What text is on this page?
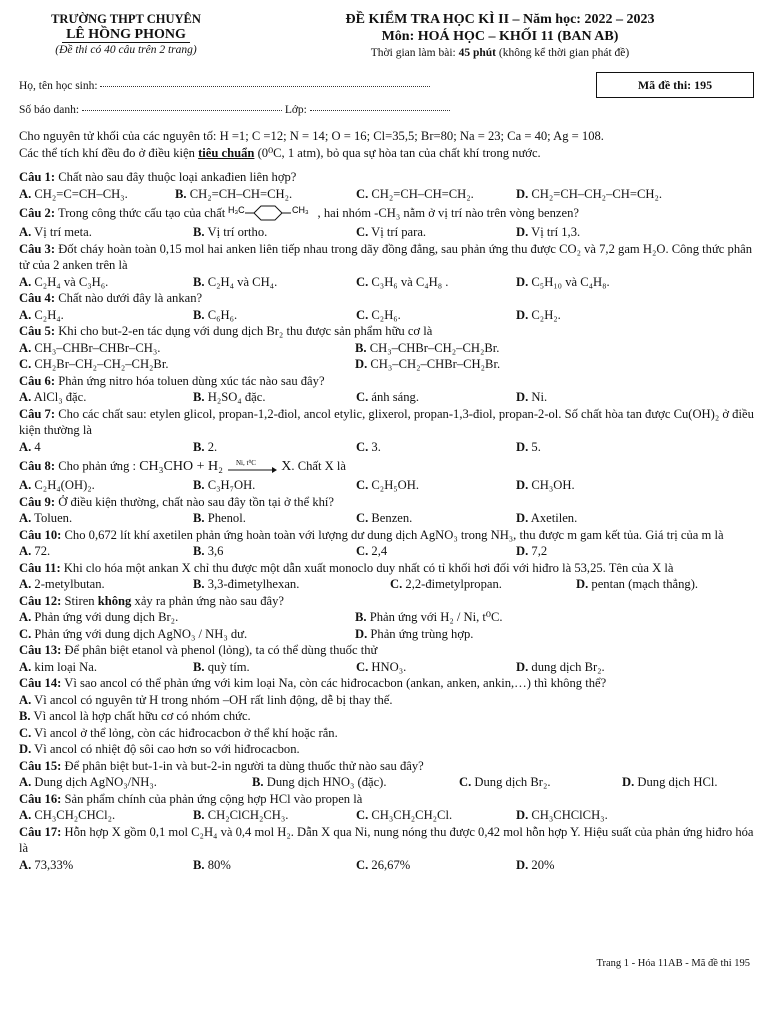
TRƯỜNG THPT CHUYÊN
LÊ HỒNG PHONG
(Đề thi có 40 câu trên 2 trang)
ĐỀ KIỂM TRA HỌC KÌ II – Năm học: 2022 – 2023
Môn: HOÁ HỌC – KHỐI 11 (BAN AB)
Thời gian làm bài: 45 phút (không kể thời gian phát đề)
Mã đề thi: 195
Họ, tên học sinh:
Số báo danh:	Lớp:
Cho nguyên tử khối của các nguyên tố: H =1; C =12; N = 14; O = 16; Cl=35,5; Br=80; Na = 23; Ca = 40; Ag = 108.
Các thể tích khí đều đo ở điều kiện tiêu chuẩn (0⁰C, 1 atm), bỏ qua sự hòa tan của chất khí trong nước.
Câu 1: Chất nào sau đây thuộc loại ankađien liên hợp?
A. CH₂=C=CH–CH₃.	B. CH₂=CH–CH=CH₂.	C. CH₂=CH–CH=CH₂.	D. CH₂=CH–CH₂–CH=CH₂.
Câu 2: Trong công thức cấu tạo của chất H₃C	CH₃ , hai nhóm -CH₃ nằm ở vị trí nào trên vòng benzen?
A. Vị trí meta.	B. Vị trí ortho.	C. Vị trí para.	D. Vị trí 1,3.
Câu 3: Đốt cháy hoàn toàn 0,15 mol hai anken liên tiếp nhau trong dãy đồng đẳng, sau phản ứng thu được CO₂ và 7,2 gam H₂O. Công thức phân tử của 2 anken trên là
A. C₂H₄ và C₃H₆.	B. C₂H₄ và CH₄.	C. C₃H₆ và C₄H₈ .	D. C₅H₁₀ và C₄H₈.
Câu 4: Chất nào dưới đây là ankan?
A. C₂H₄.	B. C₆H₆.	C. C₂H₆.	D. C₂H₂.
Câu 5: Khi cho but-2-en tác dụng với dung dịch Br₂ thu được sản phẩm hữu cơ là
A. CH₃–CHBr–CHBr–CH₃.	B. CH₃–CHBr–CH₂–CH₂Br.
C. CH₂Br–CH₂–CH₂–CH₂Br.	D. CH₃–CH₂–CHBr–CH₂Br.
Câu 6: Phản ứng nitro hóa toluen dùng xúc tác nào sau đây?
A. AlCl₃ đặc.	B. H₂SO₄ đặc.	C. ánh sáng.	D. Ni.
Câu 7: Cho các chất sau: etylen glicol, propan-1,2-điol, ancol etylic, glixerol, propan-1,3-điol, propan-2-ol. Số chất hòa tan được Cu(OH)₂ ở điều kiện thường là
A. 4	B. 2.	C. 3.	D. 5.
Câu 8: Cho phản ứng : CH₃CHO + H₂ Ni, t⁰C X. Chất X là
A. C₂H₄(OH)₂.	B. C₃H₇OH.	C. C₂H₅OH.	D. CH₃OH.
Câu 9: Ở điều kiện thường, chất nào sau đây tồn tại ở thể khí?
A. Toluen.	B. Phenol.	C. Benzen.	D. Axetilen.
Câu 10: Cho 0,672 lít khí axetilen phản ứng hoàn toàn với lượng dư dung dịch AgNO₃ trong NH₃, thu được m gam kết tủa. Giá trị của m là
A. 72.	B. 3,6	C. 2,4	D. 7,2
Câu 11: Khi clo hóa một ankan X chỉ thu được một dẫn xuất monoclo duy nhất có tỉ khối hơi đối với hiđro là 53,25. Tên của X là
A. 2-metylbutan.	B. 3,3-đimetylhexan.	C. 2,2-đimetylpropan.	D. pentan (mạch thẳng).
Câu 12: Stiren không xảy ra phản ứng nào sau đây?
A. Phản ứng với dung dịch Br₂.	B. Phản ứng với H₂ / Ni, t⁰C.
C. Phản ứng với dung dịch AgNO₃ / NH₃ dư.	D. Phản ứng trùng hợp.
Câu 13: Để phân biệt etanol và phenol (lỏng), ta có thể dùng thuốc thử
A. kim loại Na.	B. quỳ tím.	C. HNO₃.	D. dung dịch Br₂.
Câu 14: Vì sao ancol có thể phản ứng với kim loại Na, còn các hiđrocacbon (ankan, anken, ankin,…) thì không thể?
A. Vì ancol có nguyên tử H trong nhóm –OH rất linh động, dễ bị thay thế.
B. Vì ancol là hợp chất hữu cơ có nhóm chức.
C. Vì ancol ở thể lỏng, còn các hiđrocacbon ở thể khí hoặc rắn.
D. Vì ancol có nhiệt độ sôi cao hơn so với hiđrocacbon.
Câu 15: Để phân biệt but-1-in và but-2-in người ta dùng thuốc thử nào sau đây?
A. Dung dịch AgNO₃/NH₃.	B. Dung dịch HNO₃ (đặc).	C. Dung dịch Br₂.	D. Dung dịch HCl.
Câu 16: Sản phẩm chính của phản ứng cộng hợp HCl vào propen là
A. CH₃CH₂CHCl₂.	B. CH₂ClCH₂CH₃.	C. CH₃CH₂CH₂Cl.	D. CH₃CHClCH₃.
Câu 17: Hỗn hợp X gồm 0,1 mol C₂H₄ và 0,4 mol H₂. Dẫn X qua Ni, nung nóng thu được 0,42 mol hỗn hợp Y. Hiệu suất của phản ứng hiđro hóa là
A. 73,33%	B. 80%	C. 26,67%	D. 20%
Trang 1 - Hóa 11AB - Mã đề thi 195
